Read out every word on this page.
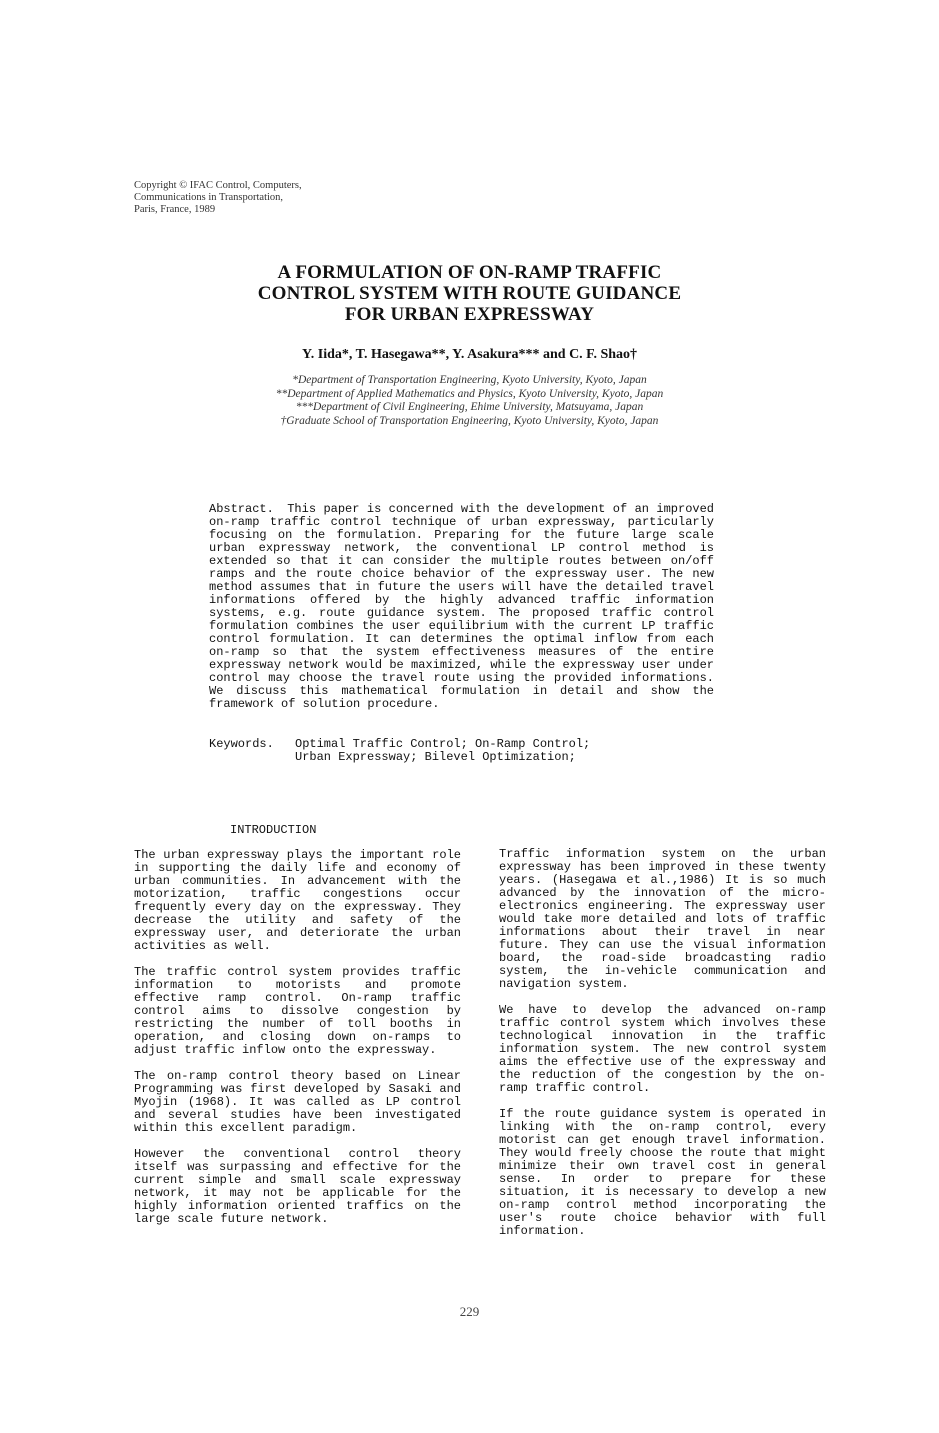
Copyright © IFAC Control, Computers,
Communications in Transportation,
Paris, France, 1989
A FORMULATION OF ON-RAMP TRAFFIC
CONTROL SYSTEM WITH ROUTE GUIDANCE
FOR URBAN EXPRESSWAY
Y. Iida*, T. Hasegawa**, Y. Asakura*** and C. F. Shao†
*Department of Transportation Engineering, Kyoto University, Kyoto, Japan
**Department of Applied Mathematics and Physics, Kyoto University, Kyoto, Japan
***Department of Civil Engineering, Ehime University, Matsuyama, Japan
†Graduate School of Transportation Engineering, Kyoto University, Kyoto, Japan
Abstract. This paper is concerned with the development of an improved on-ramp traffic control technique of urban expressway, particularly focusing on the formulation. Preparing for the future large scale urban expressway network, the conventional LP control method is extended so that it can consider the multiple routes between on/off ramps and the route choice behavior of the expressway user. The new method assumes that in future the users will have the detailed travel informations offered by the highly advanced traffic information systems, e.g. route guidance system. The proposed traffic control formulation combines the user equilibrium with the current LP traffic control formulation. It can determines the optimal inflow from each on-ramp so that the system effectiveness measures of the entire expressway network would be maximized, while the expressway user under control may choose the travel route using the provided informations. We discuss this mathematical formulation in detail and show the framework of solution procedure.
Keywords.	Optimal Traffic Control; On-Ramp Control;
Urban Expressway; Bilevel Optimization;
INTRODUCTION

The urban expressway plays the important role in supporting the daily life and economy of urban communities. In advancement with the motorization, traffic congestions occur frequently every day on the expressway. They decrease the utility and safety of the expressway user, and deteriorate the urban activities as well.

The traffic control system provides traffic information to motorists and promote effective ramp control. On-ramp traffic control aims to dissolve congestion by restricting the number of toll booths in operation, and closing down on-ramps to adjust traffic inflow onto the expressway.

The on-ramp control theory based on Linear Programming was first developed by Sasaki and Myojin (1968). It was called as LP control and several studies have been investigated within this excellent paradigm.

However the conventional control theory itself was surpassing and effective for the current simple and small scale expressway network, it may not be applicable for the highly information oriented traffics on the large scale future network.

Traffic information system on the urban expressway has been improved in these twenty years. (Hasegawa et al.,1986) It is so much advanced by the innovation of the micro-electronics engineering. The expressway user would take more detailed and lots of traffic informations about their travel in near future. They can use the visual information board, the road-side broadcasting radio system, the in-vehicle communication and navigation system.

We have to develop the advanced on-ramp traffic control system which involves these technological innovation in the traffic information system. The new control system aims the effective use of the expressway and the reduction of the congestion by the on-ramp traffic control.

If the route guidance system is operated in linking with the on-ramp control, every motorist can get enough travel information. They would freely choose the route that might minimize their own travel cost in general sense. In order to prepare for these situation, it is necessary to develop a new on-ramp control method incorporating the user's route choice behavior with full information.

229
